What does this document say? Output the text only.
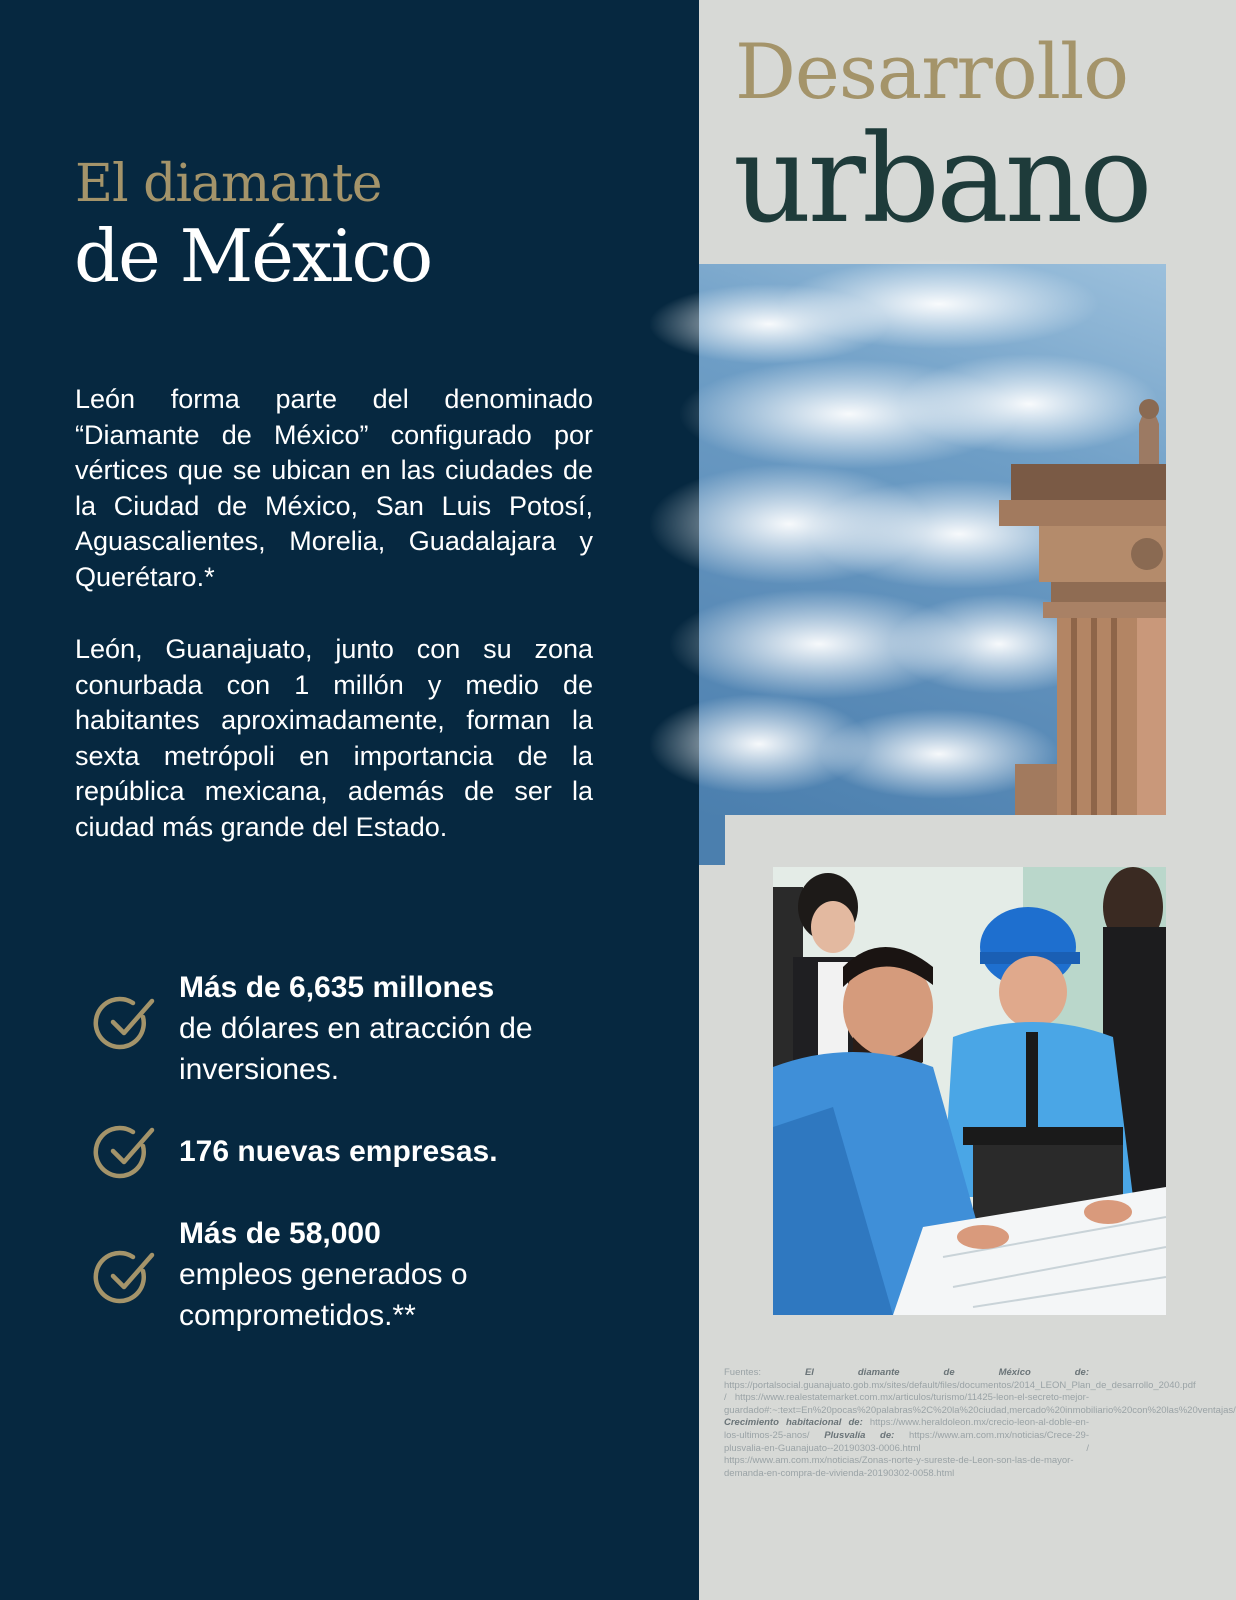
El diamante
de México

León forma parte del denominado “Diamante de México” configurado por vértices que se ubican en las ciudades de la Ciudad de México, San Luis Potosí, Aguascalientes, Morelia, Guadalajara y Querétaro.*

León, Guanajuato, junto con su zona conurbada con 1 millón y medio de habitantes aproximadamente, forman la sexta metrópoli en importancia de la república mexicana, además de ser la ciudad más grande del Estado.

Más de 6,635 millones
de dólares en atracción de inversiones.
176 nuevas empresas.
Más de 58,000
empleos generados o comprometidos.**
Desarrollo
urbano

Fuentes: El diamante de México de: https://portalsocial.guanajuato.gob.mx/sites/default/files/documentos/2014_LEON_Plan_de_desarrollo_2040.pdf / https://www.realestatemarket.com.mx/articulos/turismo/11425-leon-el-secreto-mejor-guardado#:~:text=En%20pocas%20palabras%2C%20la%20ciudad,mercado%20inmobiliario%20con%20las%20ventajas/ Crecimiento habitacional de: https://www.heraldoleon.mx/crecio-leon-al-doble-en-los-ultimos-25-anos/ Plusvalía de: https://www.am.com.mx/noticias/Crece-29-plusvalia-en-Guanajuato--20190303-0006.html / https://www.am.com.mx/noticias/Zonas-norte-y-sureste-de-Leon-son-las-de-mayor-demanda-en-compra-de-vivienda-20190302-0058.html
